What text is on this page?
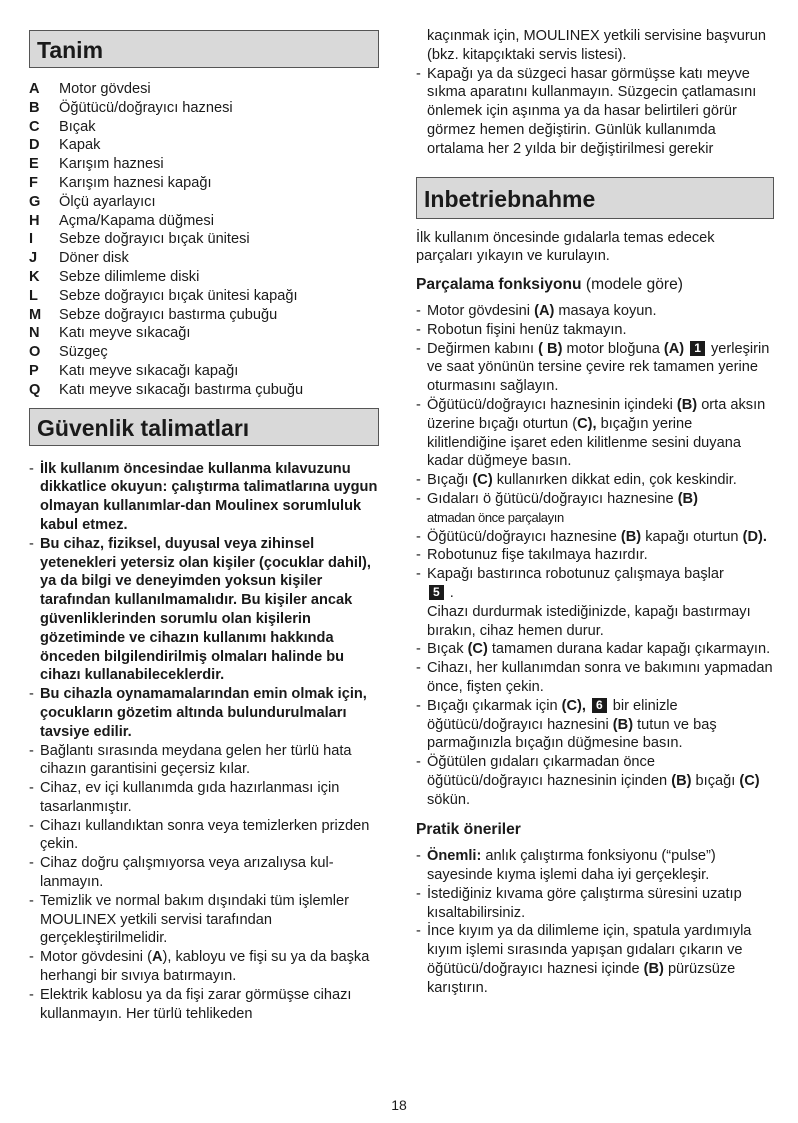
Tanim
A	Motor gövdesi
B	Öğütücü/doğrayıcı haznesi
C	Bıçak
D	Kapak
E	Karışım haznesi
F	Karışım haznesi kapağı
G	Ölçü ayarlayıcı
H	Açma/Kapama düğmesi
I	Sebze doğrayıcı bıçak ünitesi
J	Döner disk
K	Sebze dilimleme diski
L	Sebze doğrayıcı bıçak ünitesi kapağı
M	Sebze doğrayıcı bastırma çubuğu
N	Katı meyve sıkacağı
O	Süzgeç
P	Katı meyve sıkacağı kapağı
Q	Katı meyve sıkacağı bastırma çubuğu
Güvenlik talimatları
- İlk kullanım öncesindae kullanma kılavuzunu dikkatlice okuyun: çalıştırma talimatlarına uygun olmayan kullanımlar-dan Moulinex sorumluluk kabul etmez.
- Bu cihaz, fiziksel, duyusal veya zihinsel yetenekleri yetersiz olan kişiler (çocuklar dahil), ya da bilgi ve deneyimden yoksun kişiler tarafından kullanılmamalıdır. Bu kişiler ancak güvenliklerinden sorumlu olan kişilerin gözetiminde ve cihazın kullanımı hakkında önceden bilgilendirilmiş olmaları halinde bu cihazı kullanabileceklerdir.
- Bu cihazla oynamamalarından emin olmak için, çocukların gözetim altında bulundurulmaları tavsiye edilir.
- Bağlantı sırasında meydana gelen her türlü hata cihazın garantisini geçersiz kılar.
- Cihaz, ev içi kullanımda gıda hazırlanması için tasarlanmıştır.
- Cihazı kullandıktan sonra veya temizlerken prizden çekin.
- Cihaz doğru çalışmıyorsa veya arızalıysa kul-lanmayın.
- Temizlik ve normal bakım dışındaki tüm işlemler MOULINEX yetkili servisi tarafından gerçekleştirilmelidir.
- Motor gövdesini (A), kabloyu ve fişi su ya da başka herhangi bir sıvıya batırmayın.
- Elektrik kablosu ya da fişi zarar görmüşse cihazı kullanmayın. Her türlü tehlikeden
kaçınmak için, MOULINEX yetkili servisine başvurun (bkz. kitapçıktaki servis listesi).
- Kapağı ya da süzgeci hasar görmüşse katı meyve sıkma aparatını kullanmayın. Süzgecin çatlamasını önlemek için aşınma ya da hasar belirtileri görür görmez hemen değiştirin. Günlük kullanımda ortalama her 2 yılda bir değiştirilmesi gerekir
Inbetriebnahme

İlk kullanım öncesinde gıdalarla temas edecek parçaları yıkayın ve kurulayın.

Parçalama fonksiyonu (modele göre)
- Motor gövdesini (A) masaya koyun.
- Robotun fişini henüz takmayın.
- Değirmen kabını ( B) motor bloğuna (A) 1 yerleşirin ve saat yönünün tersine çevire rek tamamen yerine oturmasını sağlayın.
- Öğütücü/doğrayıcı haznesinin içindeki (B) orta aksın üzerine bıçağı oturtun (C), bıçağın yerine kilitlendiğine işaret eden kilitlenme sesini duyana kadar düğmeye basın.
- Bıçağı (C) kullanırken dikkat edin, çok keskindir.
- Gıdaları ö ğütücü/doğrayıcı haznesine (B)
atmadan önce parçalayın
- Öğütücü/doğrayıcı haznesine (B) kapağı oturtun (D).
- Robotunuz fişe takılmaya hazırdır.
- Kapağı bastırınca robotunuz çalışmaya başlar
5 .
Cihazı durdurmak istediğinizde, kapağı bastırmayı bırakın, cihaz hemen durur.
- Bıçak (C) tamamen durana kadar kapağı çıkarmayın.
- Cihazı, her kullanımdan sonra ve bakımını yapmadan önce, fişten çekin.
- Bıçağı çıkarmak için (C), 6 bir elinizle öğütücü/doğrayıcı haznesini (B) tutun ve baş parmağınızla bıçağın düğmesine basın.
- Öğütülen gıdaları çıkarmadan önce öğütücü/doğrayıcı haznesinin içinden (B) bıçağı (C) sökün.
Pratik öneriler
- Önemli: anlık çalıştırma fonksiyonu (“pulse”) sayesinde kıyma işlemi daha iyi gerçekleşir.
- İstediğiniz kıvama göre çalıştırma süresini uzatıp kısaltabilirsiniz.
- İnce kıyım ya da dilimleme için, spatula yardımıyla kıyım işlemi sırasında yapışan gıdaları çıkarın ve öğütücü/doğrayıcı haznesi içinde (B) pürüzsüze karıştırın.
18
